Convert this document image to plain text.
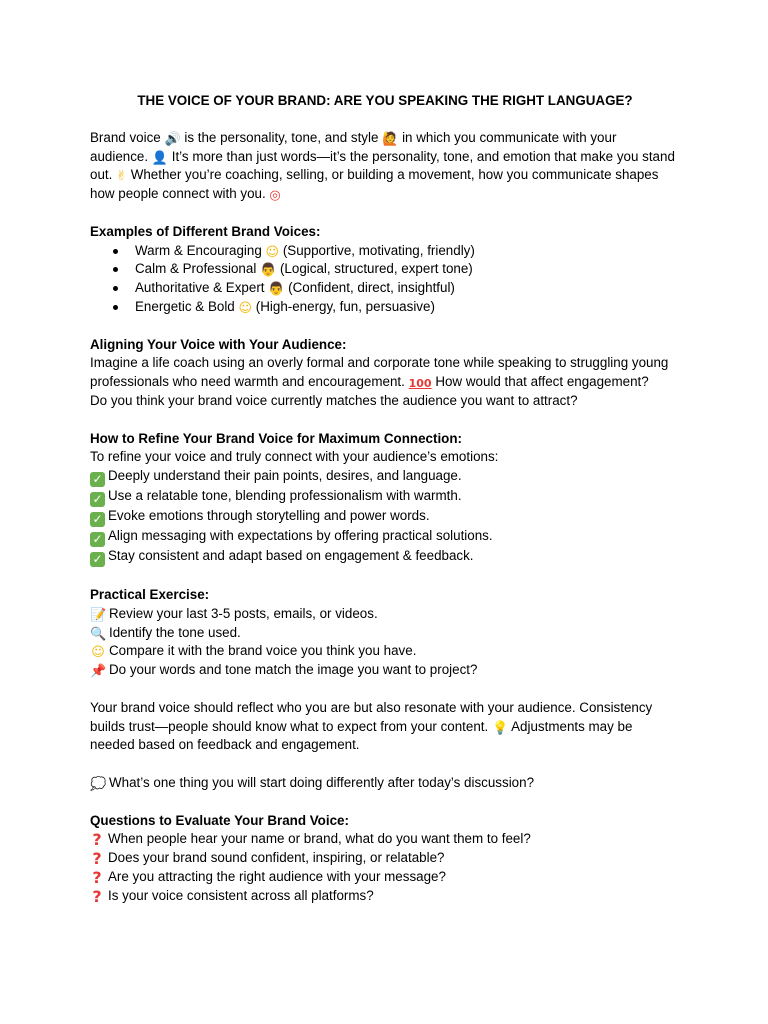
THE VOICE OF YOUR BRAND: ARE YOU SPEAKING THE RIGHT LANGUAGE?

Brand voice 🔊 is the personality, tone, and style 🙋 in which you communicate with your audience. 👤 It’s more than just words—it’s the personality, tone, and emotion that make you stand out. ✌ Whether you’re coaching, selling, or building a movement, how you communicate shapes how people connect with you. ◎

Examples of Different Brand Voices:

Warm & Encouraging ☺ (Supportive, motivating, friendly)
Calm & Professional 👨 (Logical, structured, expert tone)
Authoritative & Expert 👨 (Confident, direct, insightful)
Energetic & Bold ☺ (High-energy, fun, persuasive)

Aligning Your Voice with Your Audience:

Imagine a life coach using an overly formal and corporate tone while speaking to struggling young professionals who need warmth and encouragement. 100 How would that affect engagement?

Do you think your brand voice currently matches the audience you want to attract?

How to Refine Your Brand Voice for Maximum Connection:

To refine your voice and truly connect with your audience’s emotions:

✓ Deeply understand their pain points, desires, and language.
✓ Use a relatable tone, blending professionalism with warmth.
✓ Evoke emotions through storytelling and power words.
✓ Align messaging with expectations by offering practical solutions.
✓ Stay consistent and adapt based on engagement & feedback.

Practical Exercise:

📝 Review your last 3-5 posts, emails, or videos.
🔍 Identify the tone used.
☺ Compare it with the brand voice you think you have.
📌 Do your words and tone match the image you want to project?

Your brand voice should reflect who you are but also resonate with your audience. Consistency builds trust—people should know what to expect from your content. 💡 Adjustments may be needed based on feedback and engagement.

💭 What’s one thing you will start doing differently after today’s discussion?

Questions to Evaluate Your Brand Voice:

? When people hear your name or brand, what do you want them to feel?
? Does your brand sound confident, inspiring, or relatable?
? Are you attracting the right audience with your message?
? Is your voice consistent across all platforms?
